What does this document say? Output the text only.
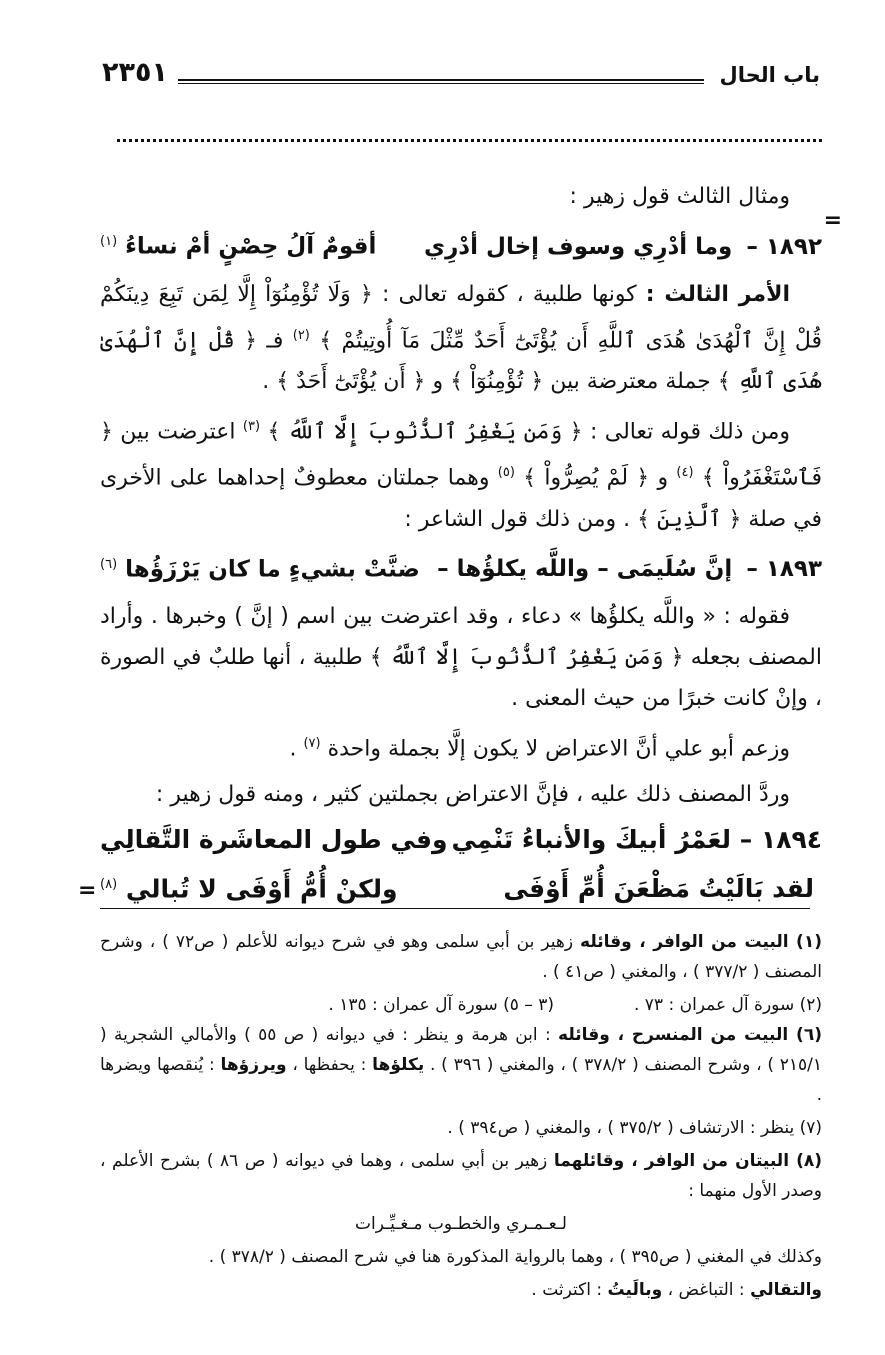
باب الحال
٢٣٥١
=

ومثال الثالث قول زهير :

١٨٩٢ – وما أدْرِي وسوف إخال أدْرِي
أقومٌ آلُ حِصْنٍ أمْ نساءُ $^{(١)}$

الأمر الثالث : كونها طلبية ، كقوله تعالى : ﴿ وَلَا تُؤْمِنُوٓاْ إِلَّا لِمَن تَبِعَ دِينَكُمْ قُلْ إِنَّ ٱلْهُدَىٰ هُدَى ٱللَّهِ أَن يُؤْتَىٰٓ أَحَدٌ مِّثْلَ مَآ أُوتِيتُمْ ﴾ $^{(٢)}$ فـ ﴿ قُلْ إِنَّ ٱلْهُدَىٰ هُدَى ٱللَّهِ ﴾ جملة معترضة بين ﴿ تُؤْمِنُوٓاْ ﴾ و ﴿ أَن يُؤْتَىٰٓ أَحَدٌ ﴾ .

ومن ذلك قوله تعالى : ﴿ وَمَن يَغْفِرُ ٱلذُّنُوبَ إِلَّا ٱللَّهُ ﴾ $^{(٣)}$ اعترضت بين ﴿ فَٱسْتَغْفَرُواْ ﴾ $^{(٤)}$ و ﴿ لَمْ يُصِرُّواْ ﴾ $^{(٥)}$ وهما جملتان معطوفٌ إحداهما على الأخرى في صلة ﴿ ٱلَّذِينَ ﴾ . ومن ذلك قول الشاعر :

١٨٩٣ – إنَّ سُلَيمَى – واللَّه يكلؤُها –
ضنَّتْ بشيءٍ ما كان يَرْزَؤُها $^{(٦)}$

فقوله : « واللَّه يكلؤُها » دعاء ، وقد اعترضت بين اسم ( إنَّ ) وخبرها . وأراد المصنف بجعله ﴿ وَمَن يَغْفِرُ ٱلذُّنُوبَ إِلَّا ٱللَّهُ ﴾ طلبية ، أنها طلبٌ في الصورة ، وإنْ كانت خبرًا من حيث المعنى .

وزعم أبو علي أنَّ الاعتراض لا يكون إلَّا بجملة واحدة $^{(٧)}$ .

وردَّ المصنف ذلك عليه ، فإنَّ الاعتراض بجملتين كثير ، ومنه قول زهير :

١٨٩٤ – لعَمْرُ أبيكَ والأنباءُ تَنْمِي
وفي طول المعاشَرة التَّقالِي
لقد بَالَيْتُ مَظْعَنَ أُمِّ أَوْفَى
ولكنْ أُمُّ أَوْفَى لا تُبالي $^{(٨)}$
=

(١) البيت من الوافر ، وقائله زهير بن أبي سلمى وهو في شرح ديوانه للأعلم ( ص٧٢ ) ، وشرح المصنف ( ٣٧٧/٢ ) ، والمغني ( ص٤١ ) .

(٢) سورة آل عمران : ٧٣ .
(٣ – ٥) سورة آل عمران : ١٣٥ .

(٦) البيت من المنسرح ، وقائله : ابن هرمة و ينظر : في ديوانه ( ص ٥٥ ) والأمالي الشجرية ( ٢١٥/١ ) ، وشرح المصنف ( ٣٧٨/٢ ) ، والمغني ( ٣٩٦ ) . يكلؤها : يحفظها ، ويرزؤها : يُنقصها ويضرها .

(٧) ينظر : الارتشاف ( ٣٧٥/٢ ) ، والمغني ( ص٣٩٤ ) .

(٨) البيتان من الوافر ، وقائلهما زهير بن أبي سلمى ، وهما في ديوانه ( ص ٨٦ ) بشرح الأعلم ، وصدر الأول منهما :

لـعـمـري والخطـوب مـغـيِّـرات

وكذلك في المغني ( ص٣٩٥ ) ، وهما بالرواية المذكورة هنا في شرح المصنف ( ٣٧٨/٢ ) .

والتقالي : التباغض ، وبالَيتُ : اكترثت .
